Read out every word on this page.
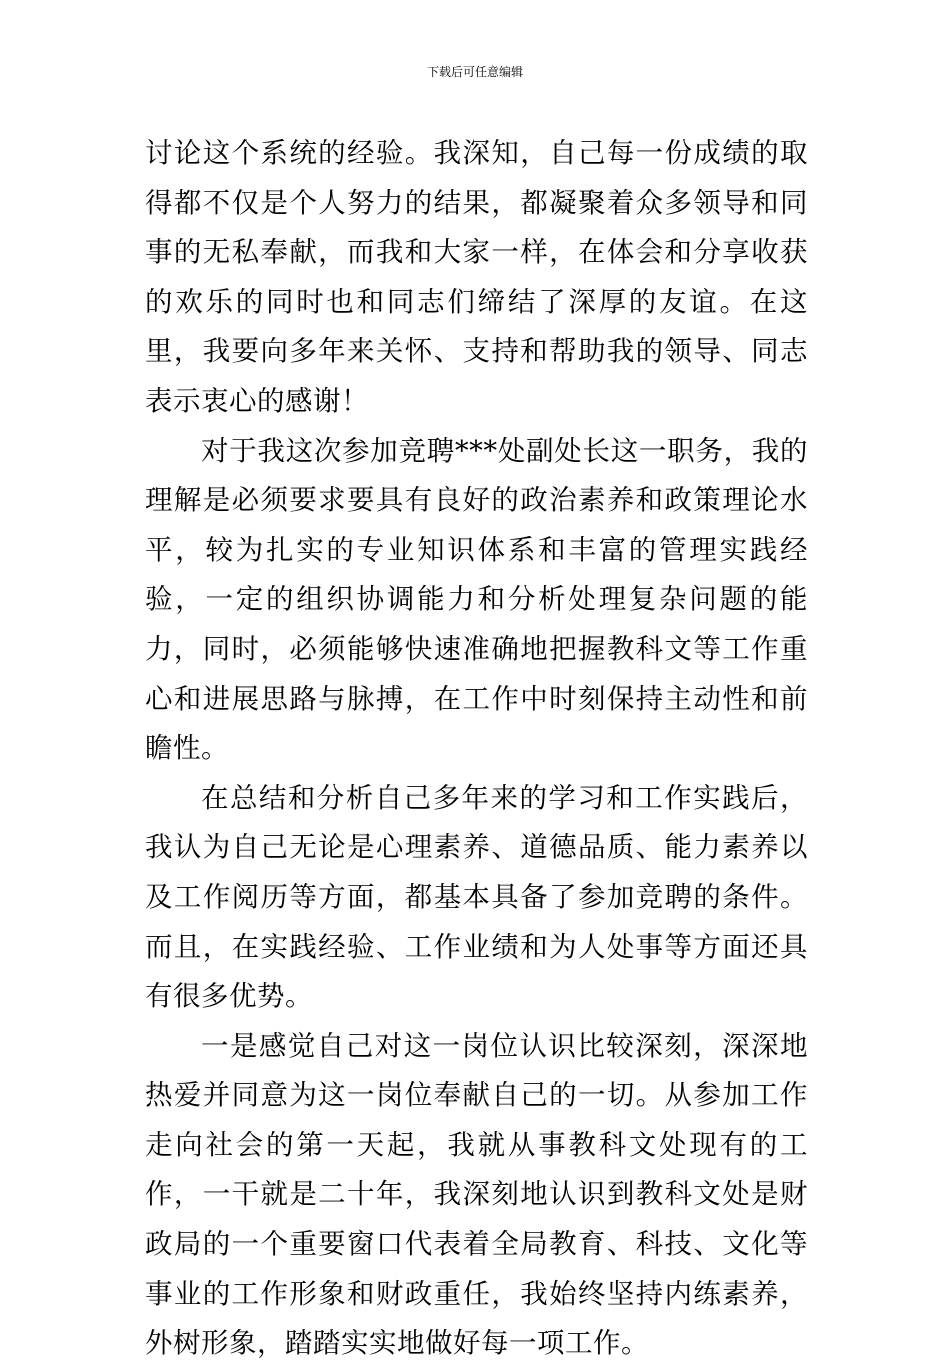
下载后可任意编辑

讨论这个系统的经验。我深知，自己每一份成绩的取得都不仅是个人努力的结果，都凝聚着众多领导和同事的无私奉献，而我和大家一样，在体会和分享收获的欢乐的同时也和同志们缔结了深厚的友谊。在这里，我要向多年来关怀、支持和帮助我的领导、同志表示衷心的感谢！

对于我这次参加竞聘***处副处长这一职务，我的理解是必须要求要具有良好的政治素养和政策理论水平，较为扎实的专业知识体系和丰富的管理实践经验，一定的组织协调能力和分析处理复杂问题的能力，同时，必须能够快速准确地把握教科文等工作重心和进展思路与脉搏，在工作中时刻保持主动性和前瞻性。

在总结和分析自己多年来的学习和工作实践后，我认为自己无论是心理素养、道德品质、能力素养以及工作阅历等方面，都基本具备了参加竞聘的条件。而且，在实践经验、工作业绩和为人处事等方面还具有很多优势。

一是感觉自己对这一岗位认识比较深刻，深深地热爱并同意为这一岗位奉献自己的一切。从参加工作走向社会的第一天起，我就从事教科文处现有的工作，一干就是二十年，我深刻地认识到教科文处是财政局的一个重要窗口代表着全局教育、科技、文化等事业的工作形象和财政重任，我始终坚持内练素养，外树形象，踏踏实实地做好每一项工作。
